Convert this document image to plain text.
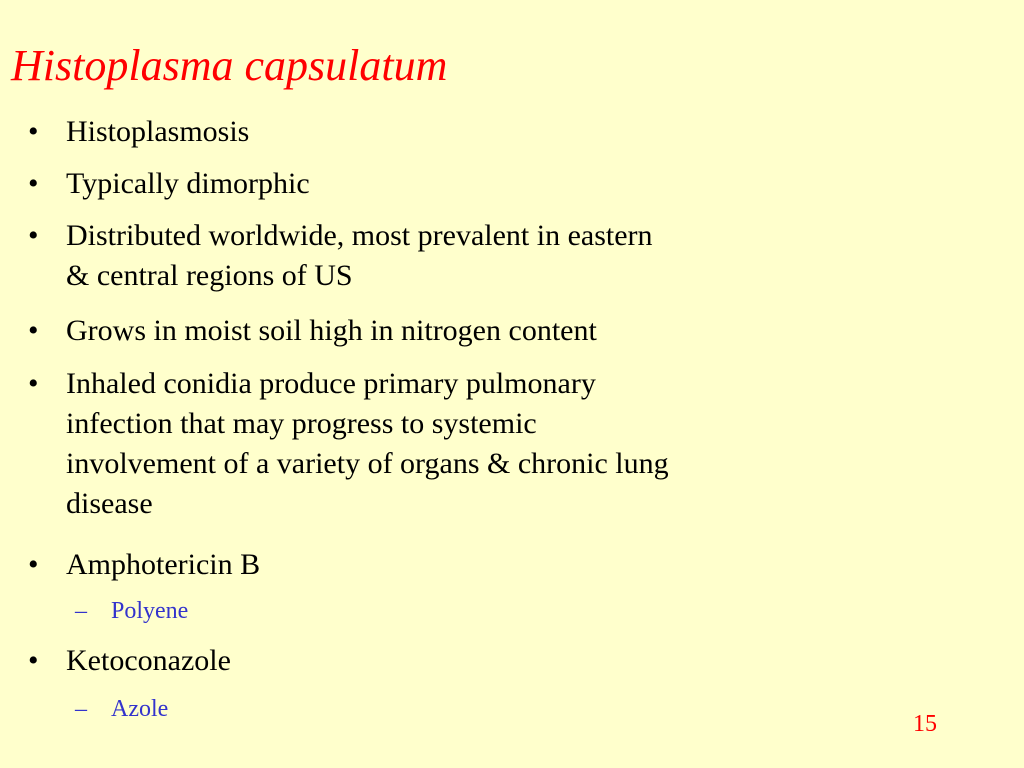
Histoplasma capsulatum
• Histoplasmosis
• Typically dimorphic
• Distributed worldwide, most prevalent in eastern
& central regions of US
• Grows in moist soil high in nitrogen content
• Inhaled conidia produce primary pulmonary
infection that may progress to systemic
involvement of a variety of organs & chronic lung
disease
• Amphotericin B
– Polyene
• Ketoconazole
– Azole
15
